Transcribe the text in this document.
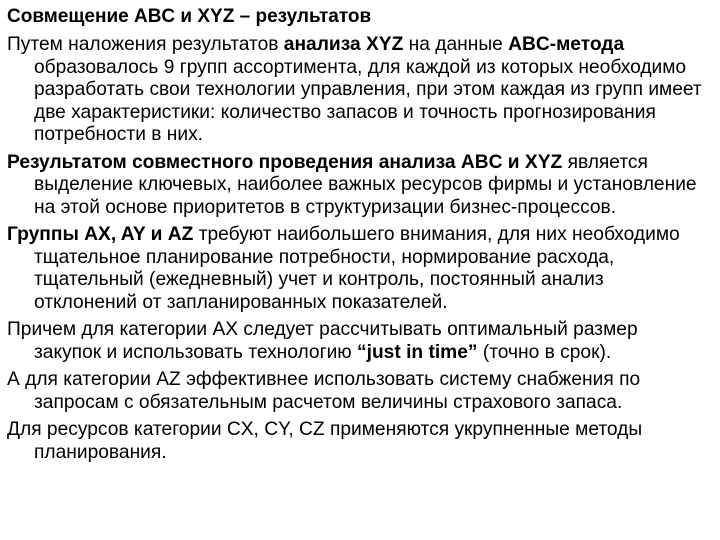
Совмещение ABC и XYZ – результатов

Путем наложения результатов анализа XYZ на данные ABC-метода образовалось 9 групп ассортимента, для каждой из которых необходимо разработать свои технологии управления, при этом каждая из групп имеет две характеристики: количество запасов и точность прогнозирования потребности в них.

Результатом совместного проведения анализа ABC и XYZ является выделение ключевых, наиболее важных ресурсов фирмы и установление на этой основе приоритетов в структуризации бизнес-процессов.

Группы AX, AY и AZ требуют наибольшего внимания, для них необходимо тщательное планирование потребности, нормирование расхода, тщательный (ежедневный) учет и контроль, постоянный анализ отклонений от запланированных показателей.

Причем для категории AX следует рассчитывать оптимальный размер закупок и использовать технологию “just in time” (точно в срок).

А для категории AZ эффективнее использовать систему снабжения по запросам с обязательным расчетом величины страхового запаса.

Для ресурсов категории CX, CY, CZ применяются укрупненные методы планирования.
